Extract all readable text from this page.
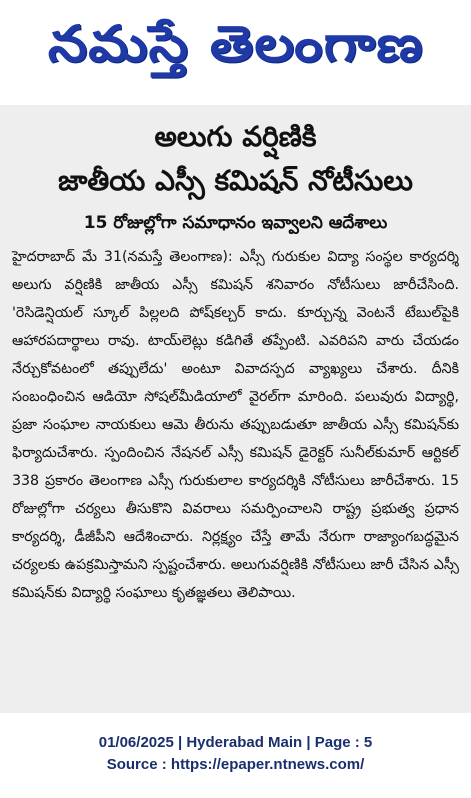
నమస్తే తెలంగాణ
అలుగు వర్షిణికి
జాతీయ ఎస్సీ కమిషన్ నోటీసులు
15 రోజుల్లోగా సమాధానం ఇవ్వాలని ఆదేశాలు

హైదరాబాద్ మే 31(నమస్తే తెలంగాణ): ఎస్సీ గురుకుల విద్యా సంస్థల కార్యదర్శి అలుగు వర్షిణికి జాతీయ ఎస్సీ కమిషన్ శనివారం నోటీసులు జారీచేసింది. 'రెసిడెన్షియల్ స్కూల్ పిల్లలది పోష్‌కల్చర్ కాదు. కూర్చున్న వెంటనే టేబుల్‌పైకి ఆహారపదార్థాలు రావు. టాయ్‌లెట్లు కడిగితే తప్పేంటి. ఎవరిపని వారు చేయడం నేర్చుకోవటంలో తప్పులేదు' అంటూ వివాదస్పద వ్యాఖ్యలు చేశారు. దీనికి సంబంధించిన ఆడియో సోషల్‌మీడియాలో వైరల్‌గా మారింది. పలువురు విద్యార్థి, ప్రజా సంఘాల నాయకులు ఆమె తీరును తప్పుబడుతూ జాతీయ ఎస్సీ కమిషన్‌కు ఫిర్యాదుచేశారు. స్పందించిన నేషనల్ ఎస్సీ కమిషన్ డైరెక్టర్ సునీల్‌కుమార్ ఆర్టికల్ 338 ప్రకారం తెలంగాణ ఎస్సీ గురుకులాల కార్యదర్శికి నోటీసులు జారీచేశారు. 15 రోజుల్లోగా చర్యలు తీసుకొని వివరాలు సమర్పించాలని రాష్ట్ర ప్రభుత్వ ప్రధాన కార్యదర్శి, డీజీపీని ఆదేశించారు. నిర్లక్ష్యం చేస్తే తామే నేరుగా రాజ్యాంగబద్ధమైన చర్యలకు ఉపక్రమిస్తామని స్పష్టంచేశారు. అలుగువర్షిణికి నోటీసులు జారీ చేసిన ఎస్సీ కమిషన్‌కు విద్యార్థి సంఘాలు కృతజ్ఞతలు తెలిపాయి.

01/06/2025 | Hyderabad Main | Page : 5
Source : https://epaper.ntnews.com/
